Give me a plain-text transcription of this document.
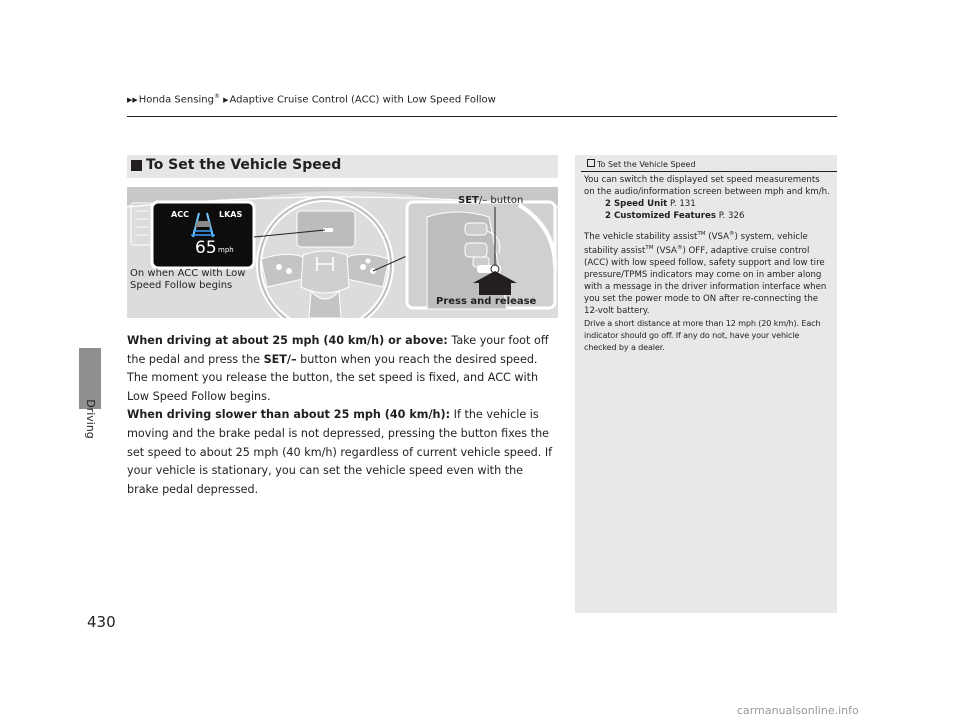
▶▶Honda Sensing® ▶Adaptive Cruise Control (ACC) with Low Speed Follow
Driving
430
To Set the Vehicle Speed
ACC	LKAS
65 mph
On when ACC with Low
Speed Follow begins
SET/– button
Press and release

When driving at about 25 mph (40 km/h) or above: Take your foot off the pedal and press the SET/– button when you reach the desired speed. The moment you release the button, the set speed is fixed, and ACC with Low Speed Follow begins.

When driving slower than about 25 mph (40 km/h): If the vehicle is moving and the brake pedal is not depressed, pressing the button fixes the set speed to about 25 mph (40 km/h) regardless of current vehicle speed. If your vehicle is stationary, you can set the vehicle speed even with the brake pedal depressed.

To Set the Vehicle Speed

You can switch the displayed set speed measurements on the audio/information screen between mph and km/h.

2 Speed Unit P. 131

2 Customized Features P. 326

The vehicle stability assist™ (VSA®) system, vehicle stability assist™ (VSA®) OFF, adaptive cruise control (ACC) with low speed follow, safety support and low tire pressure/TPMS indicators may come on in amber along with a message in the driver information interface when you set the power mode to ON after re-connecting the 12-volt battery.

Drive a short distance at more than 12 mph (20 km/h). Each indicator should go off. If any do not, have your vehicle checked by a dealer.

carmanualsonline.info
